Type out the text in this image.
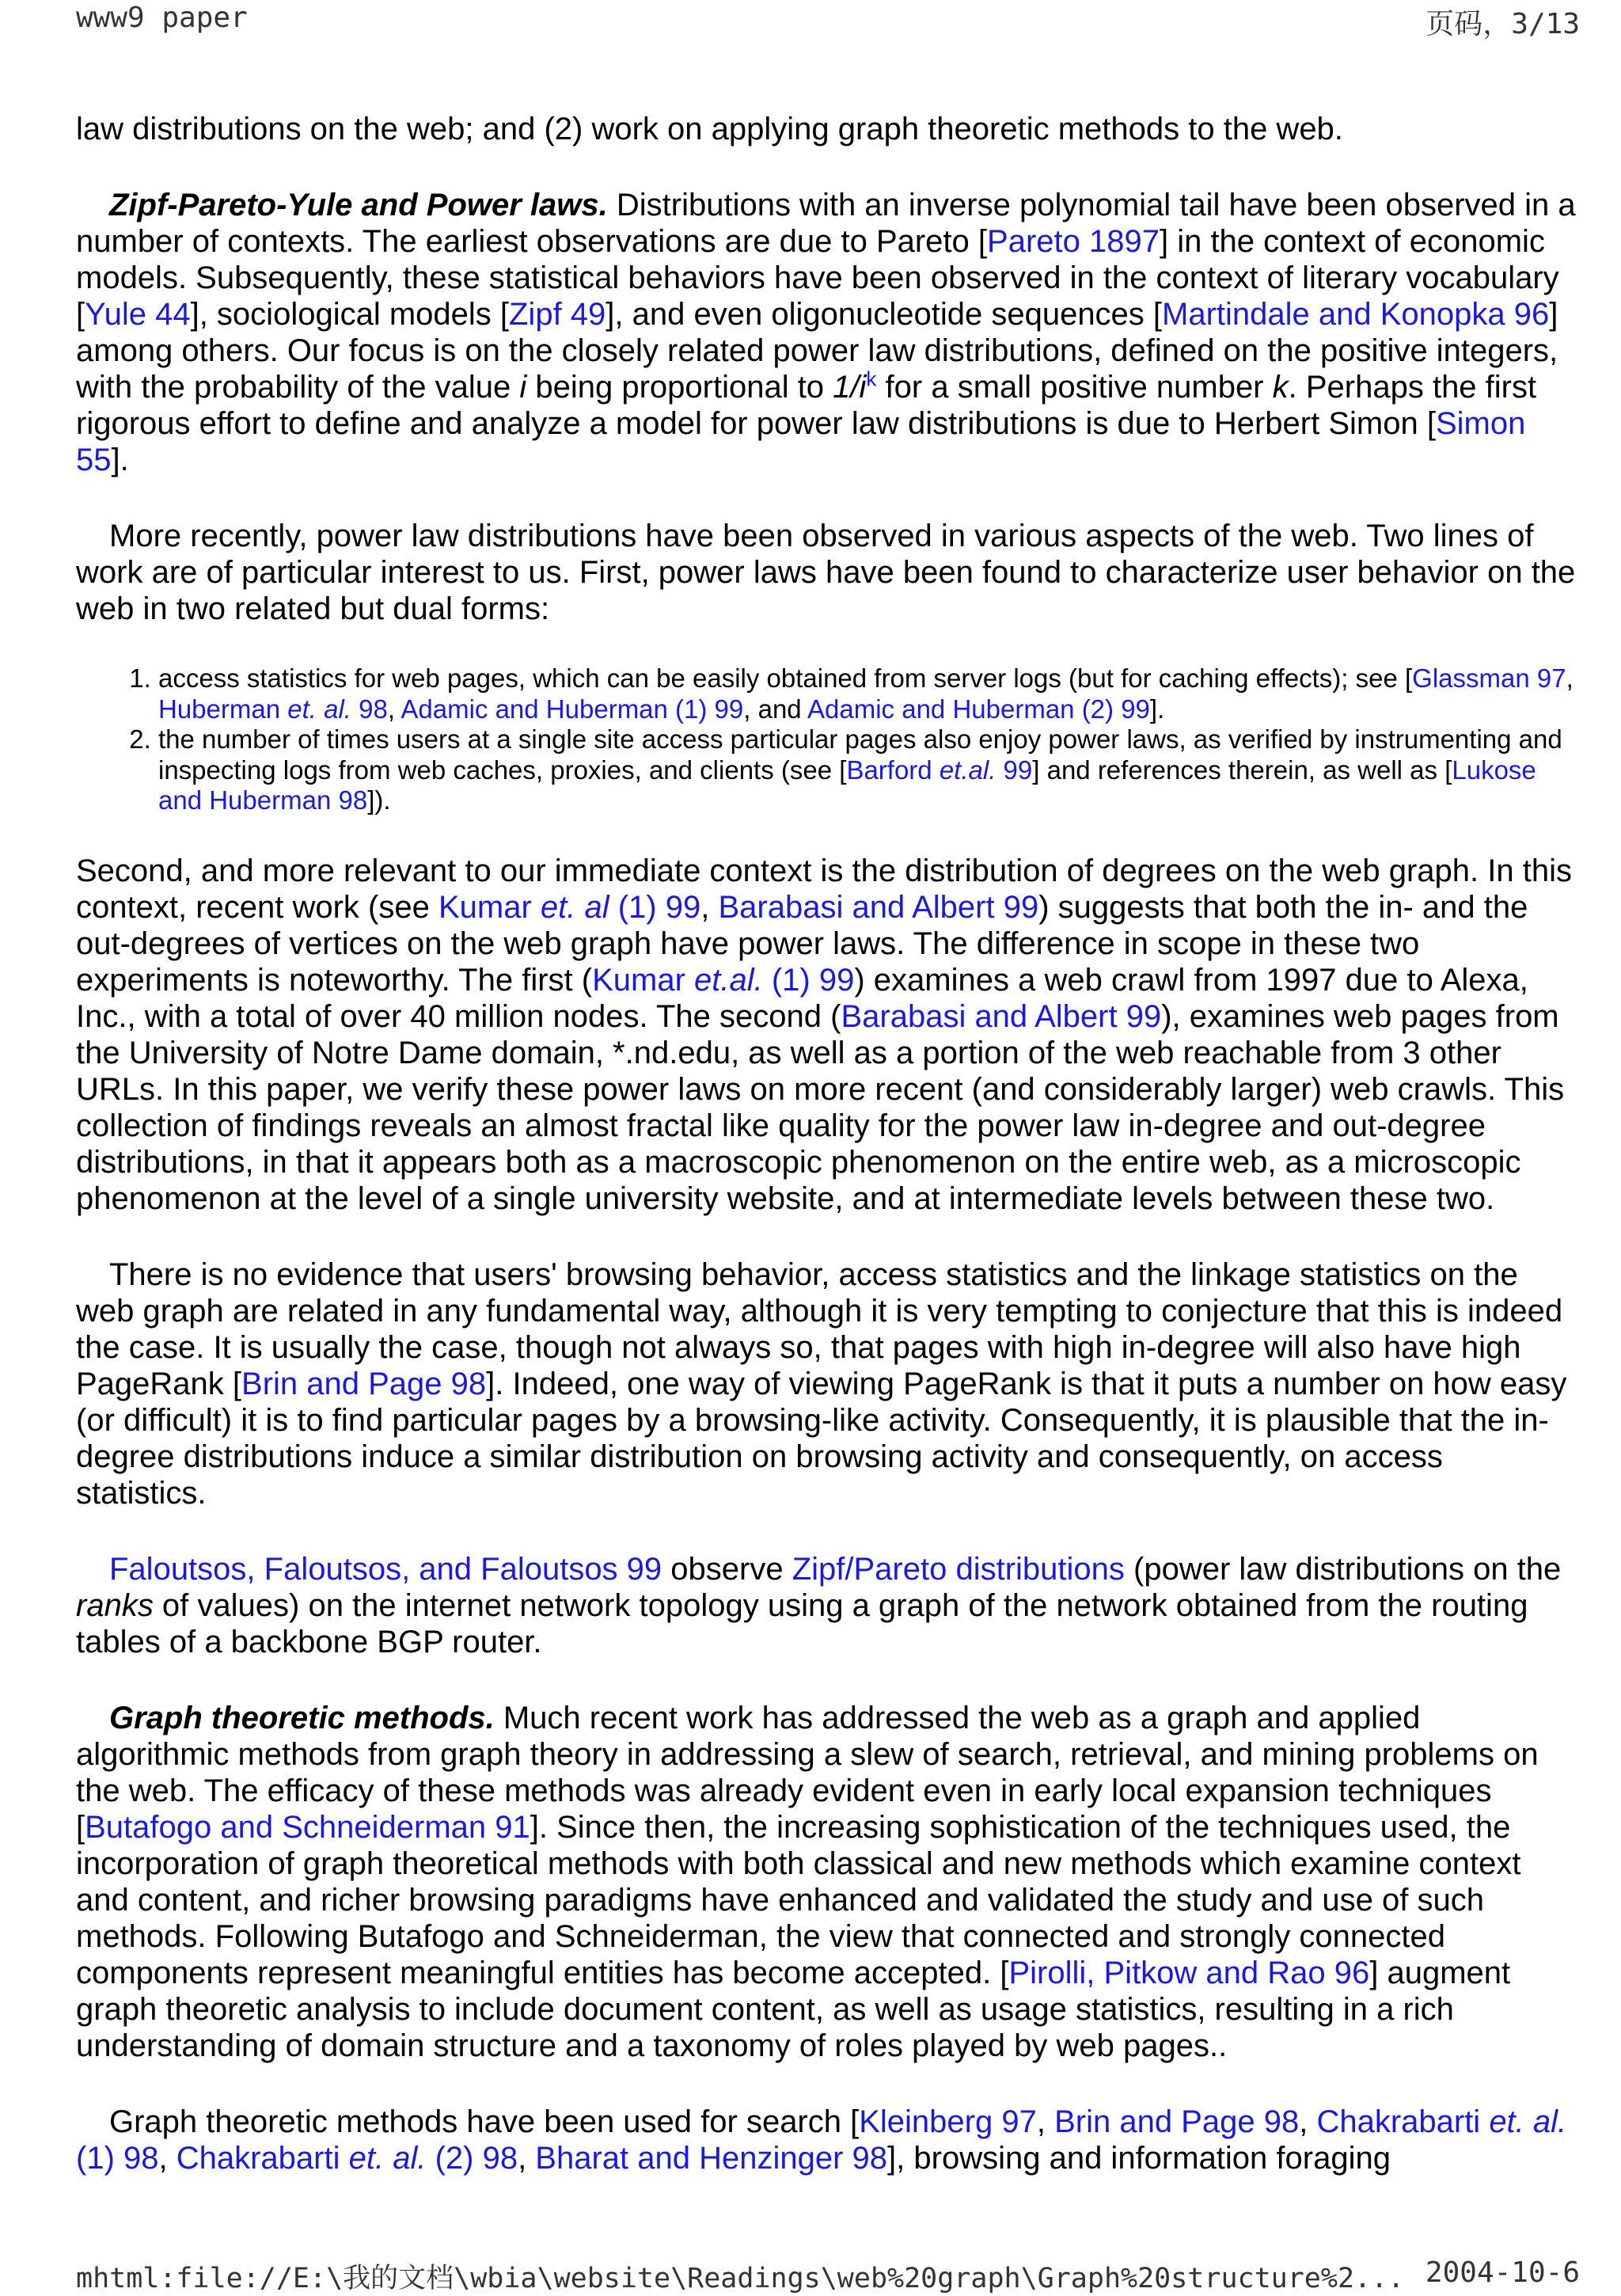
www9 paper	页码，3/13

law distributions on the web; and (2) work on applying graph theoretic methods to the web.

Zipf-Pareto-Yule and Power laws. Distributions with an inverse polynomial tail have been observed in a number of contexts. The earliest observations are due to Pareto [Pareto 1897] in the context of economic models. Subsequently, these statistical behaviors have been observed in the context of literary vocabulary [Yule 44], sociological models [Zipf 49], and even oligonucleotide sequences [Martindale and Konopka 96] among others. Our focus is on the closely related power law distributions, defined on the positive integers, with the probability of the value i being proportional to $1/i^k$ for a small positive number k. Perhaps the first rigorous effort to define and analyze a model for power law distributions is due to Herbert Simon [Simon 55].

More recently, power law distributions have been observed in various aspects of the web. Two lines of work are of particular interest to us. First, power laws have been found to characterize user behavior on the web in two related but dual forms:

1. access statistics for web pages, which can be easily obtained from server logs (but for caching effects); see [Glassman 97, Huberman et. al. 98, Adamic and Huberman (1) 99, and Adamic and Huberman (2) 99].
2. the number of times users at a single site access particular pages also enjoy power laws, as verified by instrumenting and inspecting logs from web caches, proxies, and clients (see [Barford et.al. 99] and references therein, as well as [Lukose and Huberman 98]).

Second, and more relevant to our immediate context is the distribution of degrees on the web graph. In this context, recent work (see Kumar et. al (1) 99, Barabasi and Albert 99) suggests that both the in- and the out-degrees of vertices on the web graph have power laws. The difference in scope in these two experiments is noteworthy. The first (Kumar et.al. (1) 99) examines a web crawl from 1997 due to Alexa, Inc., with a total of over 40 million nodes. The second (Barabasi and Albert 99), examines web pages from the University of Notre Dame domain, *.nd.edu, as well as a portion of the web reachable from 3 other URLs. In this paper, we verify these power laws on more recent (and considerably larger) web crawls. This collection of findings reveals an almost fractal like quality for the power law in-degree and out-degree distributions, in that it appears both as a macroscopic phenomenon on the entire web, as a microscopic phenomenon at the level of a single university website, and at intermediate levels between these two.

There is no evidence that users' browsing behavior, access statistics and the linkage statistics on the web graph are related in any fundamental way, although it is very tempting to conjecture that this is indeed the case. It is usually the case, though not always so, that pages with high in-degree will also have high PageRank [Brin and Page 98]. Indeed, one way of viewing PageRank is that it puts a number on how easy (or difficult) it is to find particular pages by a browsing-like activity. Consequently, it is plausible that the in-degree distributions induce a similar distribution on browsing activity and consequently, on access statistics.

Faloutsos, Faloutsos, and Faloutsos 99 observe Zipf/Pareto distributions (power law distributions on the ranks of values) on the internet network topology using a graph of the network obtained from the routing tables of a backbone BGP router.

Graph theoretic methods. Much recent work has addressed the web as a graph and applied algorithmic methods from graph theory in addressing a slew of search, retrieval, and mining problems on the web. The efficacy of these methods was already evident even in early local expansion techniques [Butafogo and Schneiderman 91]. Since then, the increasing sophistication of the techniques used, the incorporation of graph theoretical methods with both classical and new methods which examine context and content, and richer browsing paradigms have enhanced and validated the study and use of such methods. Following Butafogo and Schneiderman, the view that connected and strongly connected components represent meaningful entities has become accepted. [Pirolli, Pitkow and Rao 96] augment graph theoretic analysis to include document content, as well as usage statistics, resulting in a rich understanding of domain structure and a taxonomy of roles played by web pages..

Graph theoretic methods have been used for search [Kleinberg 97, Brin and Page 98, Chakrabarti et. al. (1) 98, Chakrabarti et. al. (2) 98, Bharat and Henzinger 98], browsing and information foraging

mhtml:file://E:\我的文档\wbia\website\Readings\web%20graph\Graph%20structure%2... 2004-10-6
